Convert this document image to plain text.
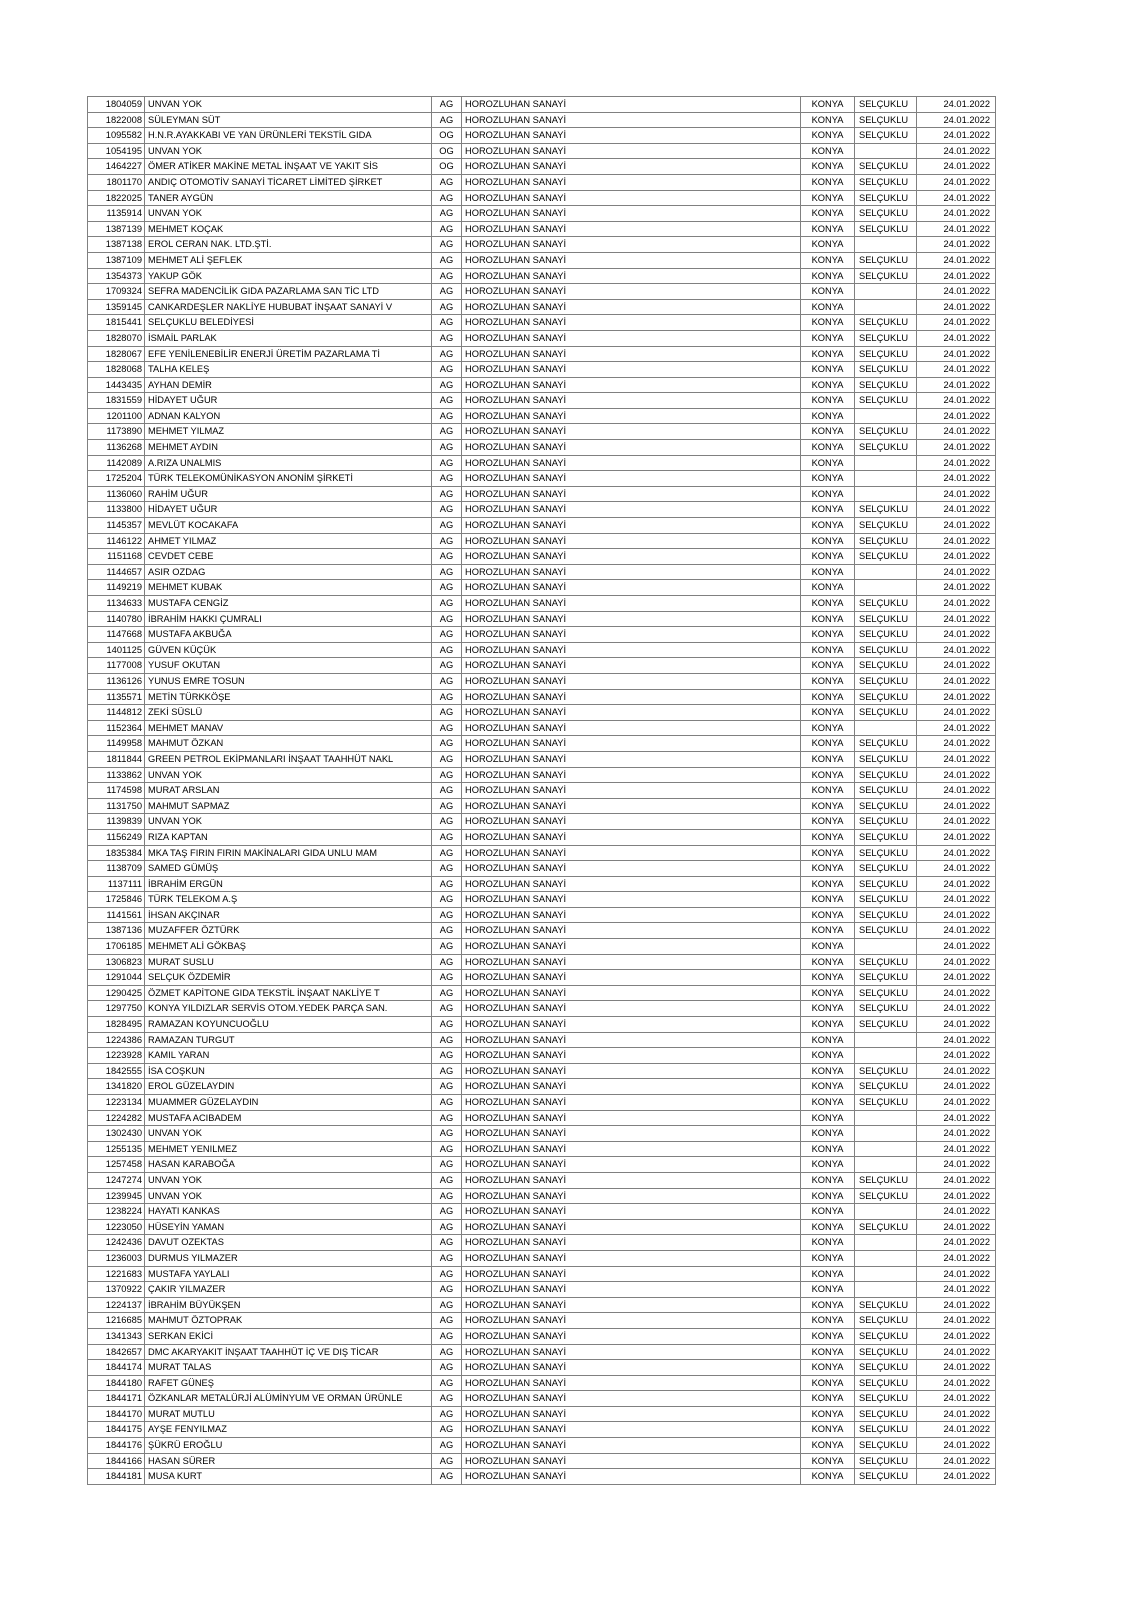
1804059	UNVAN YOK	AG	HOROZLUHAN SANAYİ	KONYA	SELÇUKLU	24.01.2022
1822008	SÜLEYMAN SÜT	AG	HOROZLUHAN SANAYİ	KONYA	SELÇUKLU	24.01.2022
1095582	H.N.R.AYAKKABI VE YAN ÜRÜNLERİ TEKSTİL GIDA	OG	HOROZLUHAN SANAYİ	KONYA	SELÇUKLU	24.01.2022
1054195	UNVAN YOK	OG	HOROZLUHAN SANAYİ	KONYA		24.01.2022
1464227	ÖMER ATİKER MAKİNE METAL İNŞAAT VE YAKIT SİS	OG	HOROZLUHAN SANAYİ	KONYA	SELÇUKLU	24.01.2022
1801170	ANDIÇ OTOMOTİV SANAYİ TİCARET LİMİTED ŞİRKET	AG	HOROZLUHAN SANAYİ	KONYA	SELÇUKLU	24.01.2022
1822025	TANER AYGÜN	AG	HOROZLUHAN SANAYİ	KONYA	SELÇUKLU	24.01.2022
1135914	UNVAN YOK	AG	HOROZLUHAN SANAYİ	KONYA	SELÇUKLU	24.01.2022
1387139	MEHMET KOÇAK	AG	HOROZLUHAN SANAYİ	KONYA	SELÇUKLU	24.01.2022
1387138	EROL CERAN NAK. LTD.ŞTİ.	AG	HOROZLUHAN SANAYİ	KONYA		24.01.2022
1387109	MEHMET ALİ ŞEFLEK	AG	HOROZLUHAN SANAYİ	KONYA	SELÇUKLU	24.01.2022
1354373	YAKUP GÖK	AG	HOROZLUHAN SANAYİ	KONYA	SELÇUKLU	24.01.2022
1709324	SEFRA MADENCİLİK GIDA PAZARLAMA SAN TİC LTD	AG	HOROZLUHAN SANAYİ	KONYA		24.01.2022
1359145	CANKARDEŞLER NAKLİYE HUBUBAT İNŞAAT SANAYİ V	AG	HOROZLUHAN SANAYİ	KONYA		24.01.2022
1815441	SELÇUKLU BELEDİYESİ	AG	HOROZLUHAN SANAYİ	KONYA	SELÇUKLU	24.01.2022
1828070	İSMAİL PARLAK	AG	HOROZLUHAN SANAYİ	KONYA	SELÇUKLU	24.01.2022
1828067	EFE YENİLENEBİLİR ENERJİ ÜRETİM PAZARLAMA Tİ	AG	HOROZLUHAN SANAYİ	KONYA	SELÇUKLU	24.01.2022
1828068	TALHA KELEŞ	AG	HOROZLUHAN SANAYİ	KONYA	SELÇUKLU	24.01.2022
1443435	AYHAN DEMİR	AG	HOROZLUHAN SANAYİ	KONYA	SELÇUKLU	24.01.2022
1831559	HİDAYET UĞUR	AG	HOROZLUHAN SANAYİ	KONYA	SELÇUKLU	24.01.2022
1201100	ADNAN KALYON	AG	HOROZLUHAN SANAYİ	KONYA		24.01.2022
1173890	MEHMET YILMAZ	AG	HOROZLUHAN SANAYİ	KONYA	SELÇUKLU	24.01.2022
1136268	MEHMET AYDIN	AG	HOROZLUHAN SANAYİ	KONYA	SELÇUKLU	24.01.2022
1142089	A.RIZA UNALMIS	AG	HOROZLUHAN SANAYİ	KONYA		24.01.2022
1725204	TÜRK TELEKOMÜNİKASYON ANONİM ŞİRKETİ	AG	HOROZLUHAN SANAYİ	KONYA		24.01.2022
1136060	RAHİM UĞUR	AG	HOROZLUHAN SANAYİ	KONYA		24.01.2022
1133800	HİDAYET UĞUR	AG	HOROZLUHAN SANAYİ	KONYA	SELÇUKLU	24.01.2022
1145357	MEVLÜT KOCAKAFA	AG	HOROZLUHAN SANAYİ	KONYA	SELÇUKLU	24.01.2022
1146122	AHMET YILMAZ	AG	HOROZLUHAN SANAYİ	KONYA	SELÇUKLU	24.01.2022
1151168	CEVDET CEBE	AG	HOROZLUHAN SANAYİ	KONYA	SELÇUKLU	24.01.2022
1144657	ASIR OZDAG	AG	HOROZLUHAN SANAYİ	KONYA		24.01.2022
1149219	MEHMET KUBAK	AG	HOROZLUHAN SANAYİ	KONYA		24.01.2022
1134633	MUSTAFA CENGİZ	AG	HOROZLUHAN SANAYİ	KONYA	SELÇUKLU	24.01.2022
1140780	İBRAHİM HAKKI ÇUMRALI	AG	HOROZLUHAN SANAYİ	KONYA	SELÇUKLU	24.01.2022
1147668	MUSTAFA AKBUĞA	AG	HOROZLUHAN SANAYİ	KONYA	SELÇUKLU	24.01.2022
1401125	GÜVEN KÜÇÜK	AG	HOROZLUHAN SANAYİ	KONYA	SELÇUKLU	24.01.2022
1177008	YUSUF OKUTAN	AG	HOROZLUHAN SANAYİ	KONYA	SELÇUKLU	24.01.2022
1136126	YUNUS EMRE TOSUN	AG	HOROZLUHAN SANAYİ	KONYA	SELÇUKLU	24.01.2022
1135571	METİN TÜRKKÖŞE	AG	HOROZLUHAN SANAYİ	KONYA	SELÇUKLU	24.01.2022
1144812	ZEKİ SÜSLÜ	AG	HOROZLUHAN SANAYİ	KONYA	SELÇUKLU	24.01.2022
1152364	MEHMET MANAV	AG	HOROZLUHAN SANAYİ	KONYA		24.01.2022
1149958	MAHMUT ÖZKAN	AG	HOROZLUHAN SANAYİ	KONYA	SELÇUKLU	24.01.2022
1811844	GREEN PETROL EKİPMANLARI İNŞAAT TAAHHÜT NAKL	AG	HOROZLUHAN SANAYİ	KONYA	SELÇUKLU	24.01.2022
1133862	UNVAN YOK	AG	HOROZLUHAN SANAYİ	KONYA	SELÇUKLU	24.01.2022
1174598	MURAT ARSLAN	AG	HOROZLUHAN SANAYİ	KONYA	SELÇUKLU	24.01.2022
1131750	MAHMUT SAPMAZ	AG	HOROZLUHAN SANAYİ	KONYA	SELÇUKLU	24.01.2022
1139839	UNVAN YOK	AG	HOROZLUHAN SANAYİ	KONYA	SELÇUKLU	24.01.2022
1156249	RIZA KAPTAN	AG	HOROZLUHAN SANAYİ	KONYA	SELÇUKLU	24.01.2022
1835384	MKA TAŞ FIRIN FIRIN MAKİNALARI GIDA UNLU MAM	AG	HOROZLUHAN SANAYİ	KONYA	SELÇUKLU	24.01.2022
1138709	SAMED GÜMÜŞ	AG	HOROZLUHAN SANAYİ	KONYA	SELÇUKLU	24.01.2022
1137111	İBRAHİM ERGÜN	AG	HOROZLUHAN SANAYİ	KONYA	SELÇUKLU	24.01.2022
1725846	TÜRK TELEKOM A.Ş	AG	HOROZLUHAN SANAYİ	KONYA	SELÇUKLU	24.01.2022
1141561	İHSAN AKÇINAR	AG	HOROZLUHAN SANAYİ	KONYA	SELÇUKLU	24.01.2022
1387136	MUZAFFER ÖZTÜRK	AG	HOROZLUHAN SANAYİ	KONYA	SELÇUKLU	24.01.2022
1706185	MEHMET ALİ GÖKBAŞ	AG	HOROZLUHAN SANAYİ	KONYA		24.01.2022
1306823	MURAT SUSLU	AG	HOROZLUHAN SANAYİ	KONYA	SELÇUKLU	24.01.2022
1291044	SELÇUK ÖZDEMİR	AG	HOROZLUHAN SANAYİ	KONYA	SELÇUKLU	24.01.2022
1290425	ÖZMET KAPİTONE GIDA TEKSTİL İNŞAAT NAKLİYE T	AG	HOROZLUHAN SANAYİ	KONYA	SELÇUKLU	24.01.2022
1297750	KONYA YILDIZLAR SERVİS OTOM.YEDEK PARÇA SAN.	AG	HOROZLUHAN SANAYİ	KONYA	SELÇUKLU	24.01.2022
1828495	RAMAZAN KOYUNCUOĞLU	AG	HOROZLUHAN SANAYİ	KONYA	SELÇUKLU	24.01.2022
1224386	RAMAZAN TURGUT	AG	HOROZLUHAN SANAYİ	KONYA		24.01.2022
1223928	KAMIL YARAN	AG	HOROZLUHAN SANAYİ	KONYA		24.01.2022
1842555	İSA COŞKUN	AG	HOROZLUHAN SANAYİ	KONYA	SELÇUKLU	24.01.2022
1341820	EROL GÜZELAYDIN	AG	HOROZLUHAN SANAYİ	KONYA	SELÇUKLU	24.01.2022
1223134	MUAMMER GÜZELAYDIN	AG	HOROZLUHAN SANAYİ	KONYA	SELÇUKLU	24.01.2022
1224282	MUSTAFA ACIBADEM	AG	HOROZLUHAN SANAYİ	KONYA		24.01.2022
1302430	UNVAN YOK	AG	HOROZLUHAN SANAYİ	KONYA		24.01.2022
1255135	MEHMET YENILMEZ	AG	HOROZLUHAN SANAYİ	KONYA		24.01.2022
1257458	HASAN KARABOĞA	AG	HOROZLUHAN SANAYİ	KONYA		24.01.2022
1247274	UNVAN YOK	AG	HOROZLUHAN SANAYİ	KONYA	SELÇUKLU	24.01.2022
1239945	UNVAN YOK	AG	HOROZLUHAN SANAYİ	KONYA	SELÇUKLU	24.01.2022
1238224	HAYATI KANKAS	AG	HOROZLUHAN SANAYİ	KONYA		24.01.2022
1223050	HÜSEYİN YAMAN	AG	HOROZLUHAN SANAYİ	KONYA	SELÇUKLU	24.01.2022
1242436	DAVUT OZEKTAS	AG	HOROZLUHAN SANAYİ	KONYA		24.01.2022
1236003	DURMUS YILMAZER	AG	HOROZLUHAN SANAYİ	KONYA		24.01.2022
1221683	MUSTAFA YAYLALI	AG	HOROZLUHAN SANAYİ	KONYA		24.01.2022
1370922	ÇAKIR YILMAZER	AG	HOROZLUHAN SANAYİ	KONYA		24.01.2022
1224137	İBRAHİM BÜYÜKŞEN	AG	HOROZLUHAN SANAYİ	KONYA	SELÇUKLU	24.01.2022
1216685	MAHMUT ÖZTOPRAK	AG	HOROZLUHAN SANAYİ	KONYA	SELÇUKLU	24.01.2022
1341343	SERKAN EKİCİ	AG	HOROZLUHAN SANAYİ	KONYA	SELÇUKLU	24.01.2022
1842657	DMC AKARYAKIT İNŞAAT TAAHHÜT İÇ VE DIŞ TİCAR	AG	HOROZLUHAN SANAYİ	KONYA	SELÇUKLU	24.01.2022
1844174	MURAT TALAS	AG	HOROZLUHAN SANAYİ	KONYA	SELÇUKLU	24.01.2022
1844180	RAFET GÜNEŞ	AG	HOROZLUHAN SANAYİ	KONYA	SELÇUKLU	24.01.2022
1844171	ÖZKANLAR METALÜRJİ ALÜMİNYUM VE ORMAN ÜRÜNLE	AG	HOROZLUHAN SANAYİ	KONYA	SELÇUKLU	24.01.2022
1844170	MURAT MUTLU	AG	HOROZLUHAN SANAYİ	KONYA	SELÇUKLU	24.01.2022
1844175	AYŞE FENYILMAZ	AG	HOROZLUHAN SANAYİ	KONYA	SELÇUKLU	24.01.2022
1844176	ŞÜKRÜ EROĞLU	AG	HOROZLUHAN SANAYİ	KONYA	SELÇUKLU	24.01.2022
1844166	HASAN SÜRER	AG	HOROZLUHAN SANAYİ	KONYA	SELÇUKLU	24.01.2022
1844181	MUSA KURT	AG	HOROZLUHAN SANAYİ	KONYA	SELÇUKLU	24.01.2022
